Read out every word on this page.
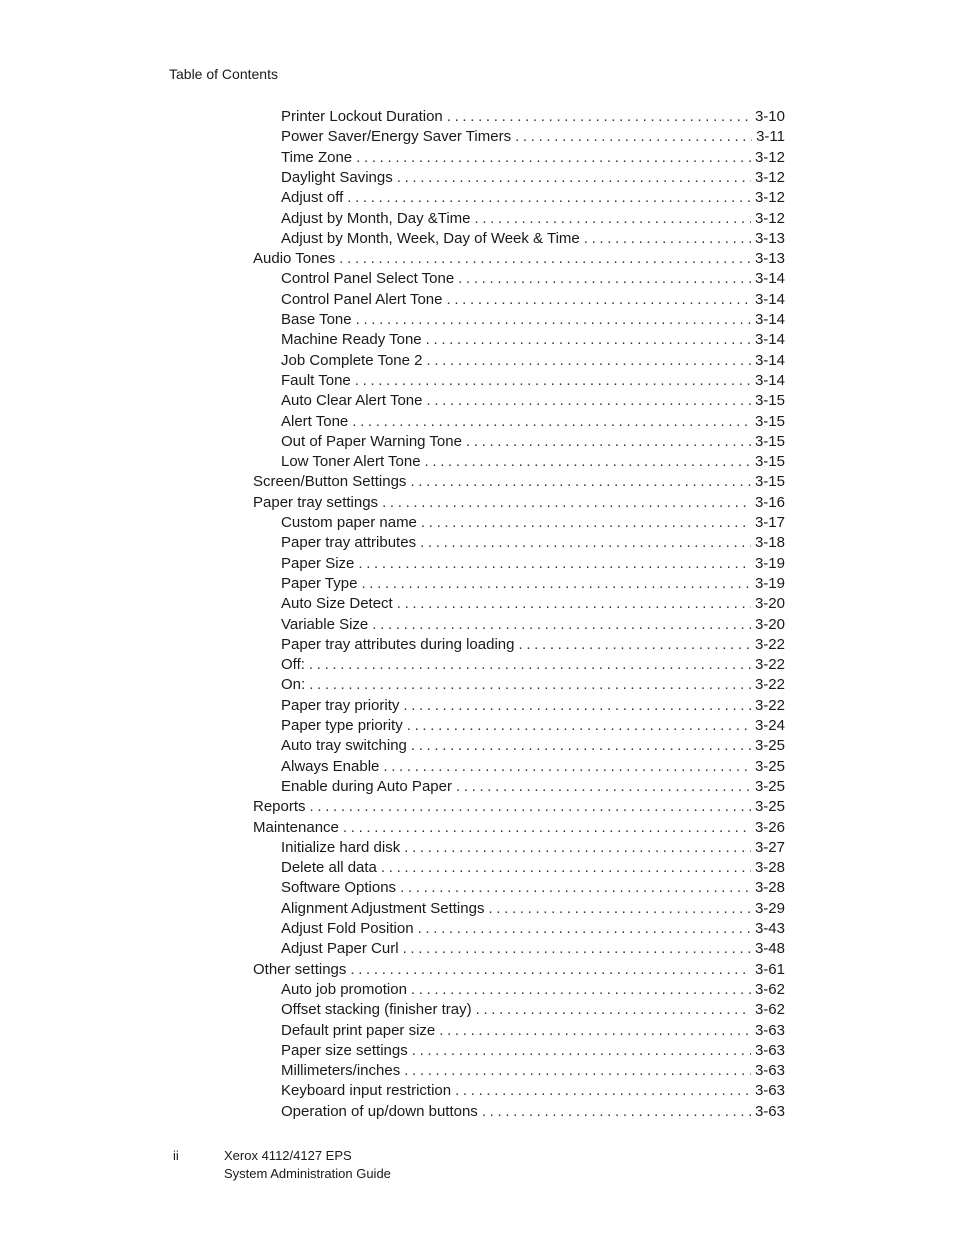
Table of Contents
Printer Lockout Duration . . .	3-10
Power Saver/Energy Saver Timers . . .	3-11
Time Zone . . .	3-12
Daylight Savings . . .	3-12
Adjust off . . .	3-12
Adjust by Month, Day &Time . . .	3-12
Adjust by Month, Week, Day of Week & Time . . .	3-13
Audio Tones . . .	3-13
Control Panel Select Tone . . .	3-14
Control Panel Alert Tone . . .	3-14
Base Tone . . .	3-14
Machine Ready Tone . . .	3-14
Job Complete Tone 2 . . .	3-14
Fault Tone . . .	3-14
Auto Clear Alert Tone . . .	3-15
Alert Tone . . .	3-15
Out of Paper Warning Tone . . .	3-15
Low Toner Alert Tone . . .	3-15
Screen/Button Settings . . .	3-15
Paper tray settings . . .	3-16
Custom paper name . . .	3-17
Paper tray attributes . . .	3-18
Paper Size . . .	3-19
Paper Type . . .	3-19
Auto Size Detect . . .	3-20
Variable Size . . .	3-20
Paper tray attributes during loading . . .	3-22
Off: . . .	3-22
On: . . .	3-22
Paper tray priority . . .	3-22
Paper type priority . . .	3-24
Auto tray switching . . .	3-25
Always Enable . . .	3-25
Enable during Auto Paper . . .	3-25
Reports . . .	3-25
Maintenance . . .	3-26
Initialize hard disk . . .	3-27
Delete all data . . .	3-28
Software Options . . .	3-28
Alignment Adjustment Settings . . .	3-29
Adjust Fold Position . . .	3-43
Adjust Paper Curl . . .	3-48
Other settings . . .	3-61
Auto job promotion . . .	3-62
Offset stacking (finisher tray) . . .	3-62
Default print paper size . . .	3-63
Paper size settings . . .	3-63
Millimeters/inches . . .	3-63
Keyboard input restriction . . .	3-63
Operation of up/down buttons . . .	3-63
ii	Xerox 4112/4127 EPS
System Administration Guide
